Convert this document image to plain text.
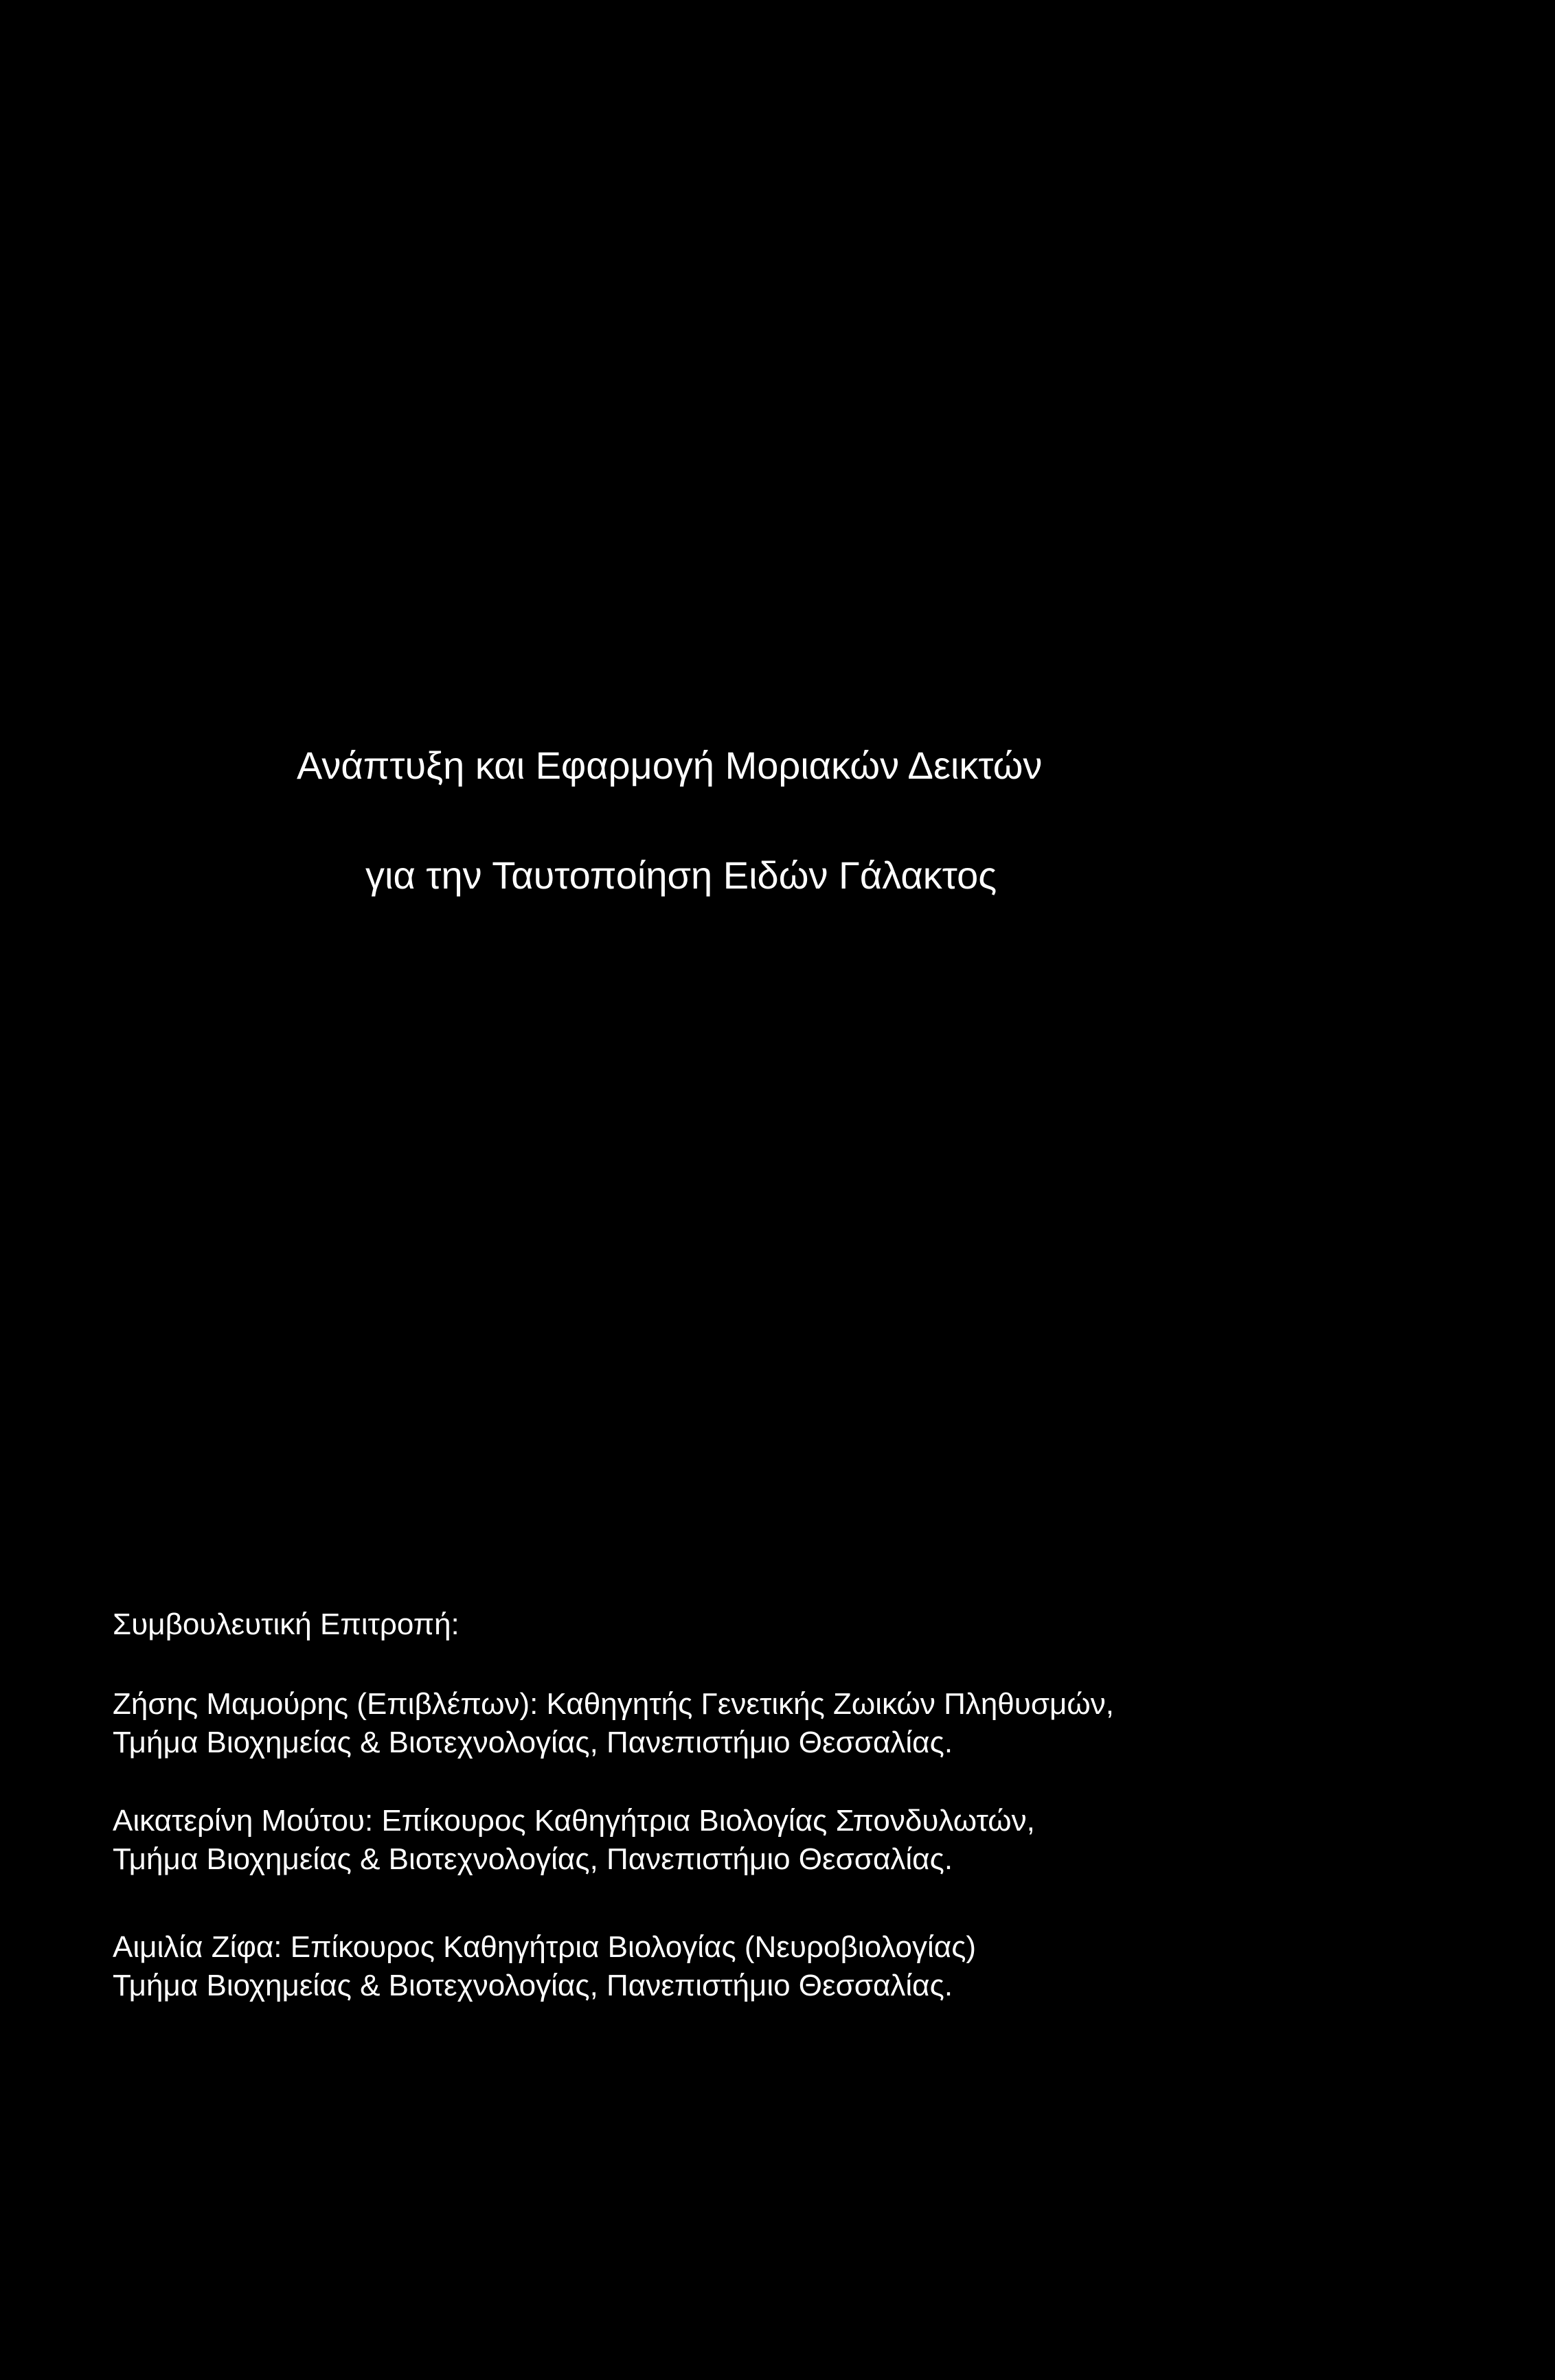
Ανάπτυξη και Εφαρμογή Μοριακών Δεικτών
για την Ταυτοποίηση Ειδών Γάλακτος
Συμβουλευτική Επιτροπή:
Ζήσης Μαμούρης (Επιβλέπων): Καθηγητής Γενετικής Ζωικών Πληθυσμών,
Τμήμα Βιοχημείας & Βιοτεχνολογίας, Πανεπιστήμιο Θεσσαλίας.
Αικατερίνη Μούτου: Επίκουρος Καθηγήτρια Βιολογίας Σπονδυλωτών,
Τμήμα Βιοχημείας & Βιοτεχνολογίας, Πανεπιστήμιο Θεσσαλίας.
Αιμιλία Ζίφα: Επίκουρος Καθηγήτρια Βιολογίας (Νευροβιολογίας)
Τμήμα Βιοχημείας & Βιοτεχνολογίας, Πανεπιστήμιο Θεσσαλίας.
